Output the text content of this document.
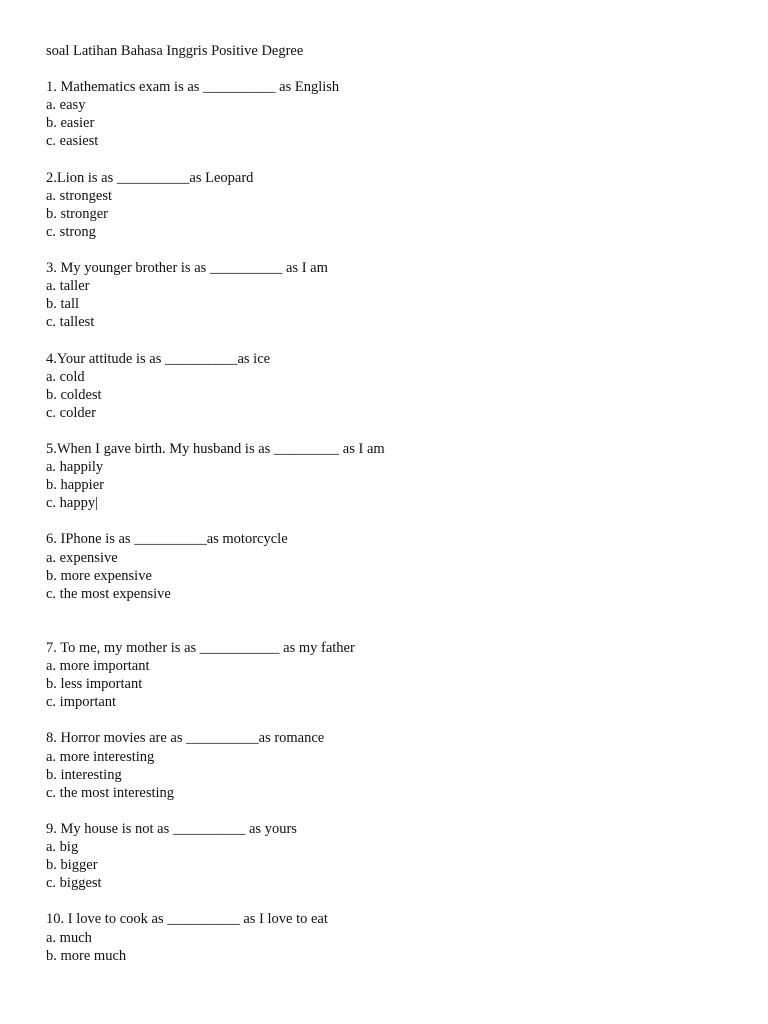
soal Latihan Bahasa Inggris Positive Degree

1. Mathematics exam is as __________ as English

a. easy

b. easier

c. easiest

2.Lion is as __________as Leopard

a. strongest

b. stronger

c. strong

3. My younger brother is as __________ as I am

a. taller

b. tall

c. tallest

4.Your attitude is as __________as ice

a. cold

b. coldest

c. colder

5.When I gave birth. My husband is as _________ as I am

a. happily

b. happier

c. happy|

6. IPhone is as __________as motorcycle

a. expensive

b. more expensive

c. the most expensive

7. To me, my mother is as ___________ as my father

a. more important

b. less important

c. important

8. Horror movies are as __________as romance

a. more interesting

b. interesting

c. the most interesting

9. My house is not as __________ as yours

a. big

b. bigger

c. biggest

10. I love to cook as __________ as I love to eat

a. much

b. more much
